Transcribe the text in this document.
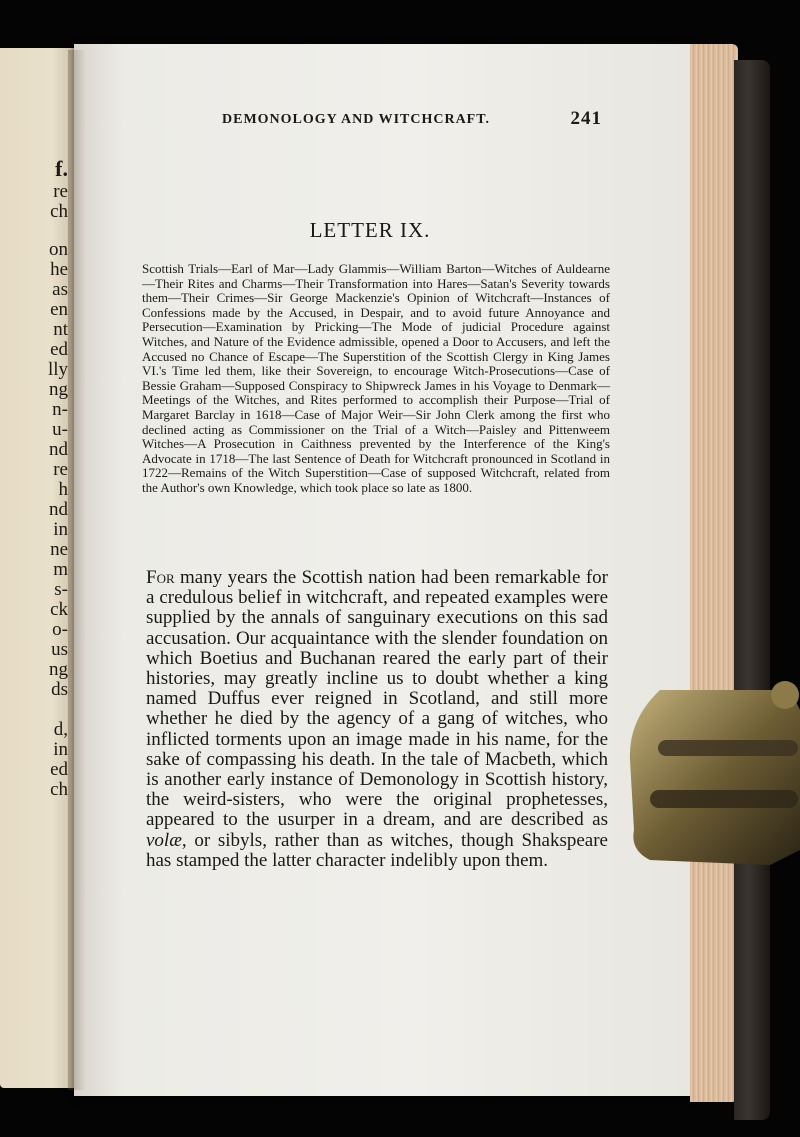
f.
re
ch
on
he
as
en
nt
ed
lly
ng
n-
u-
nd
re
h
nd
in
ne
m
s-
ck
o-
us
ng
ds
d,
in
ed
ch
DEMONOLOGY AND WITCHCRAFT.	241
LETTER IX.
Scottish Trials—Earl of Mar—Lady Glammis—William Barton—Witches of Auldearne—Their Rites and Charms—Their Transformation into Hares—Satan's Severity towards them—Their Crimes—Sir George Mackenzie's Opinion of Witchcraft—Instances of Confessions made by the Accused, in Despair, and to avoid future Annoyance and Persecution—Examination by Pricking—The Mode of judicial Procedure against Witches, and Nature of the Evidence admissible, opened a Door to Accusers, and left the Accused no Chance of Escape—The Superstition of the Scottish Clergy in King James VI.'s Time led them, like their Sovereign, to encourage Witch-Prosecutions—Case of Bessie Graham—Supposed Conspiracy to Shipwreck James in his Voyage to Denmark—Meetings of the Witches, and Rites performed to accomplish their Purpose—Trial of Margaret Barclay in 1618—Case of Major Weir—Sir John Clerk among the first who declined acting as Commissioner on the Trial of a Witch—Paisley and Pittenweem Witches—A Prosecution in Caithness prevented by the Interference of the King's Advocate in 1718—The last Sentence of Death for Witchcraft pronounced in Scotland in 1722—Remains of the Witch Superstition—Case of supposed Witchcraft, related from the Author's own Knowledge, which took place so late as 1800.
For many years the Scottish nation had been remarkable for a credulous belief in witchcraft, and repeated examples were supplied by the annals of sanguinary executions on this sad accusation. Our acquaintance with the slender foundation on which Boetius and Buchanan reared the early part of their histories, may greatly incline us to doubt whether a king named Duffus ever reigned in Scotland, and still more whether he died by the agency of a gang of witches, who inflicted torments upon an image made in his name, for the sake of compassing his death. In the tale of Macbeth, which is another early instance of Demonology in Scottish history, the weird-sisters, who were the original prophetesses, appeared to the usurper in a dream, and are described as volæ, or sibyls, rather than as witches, though Shakspeare has stamped the latter character indelibly upon them.
